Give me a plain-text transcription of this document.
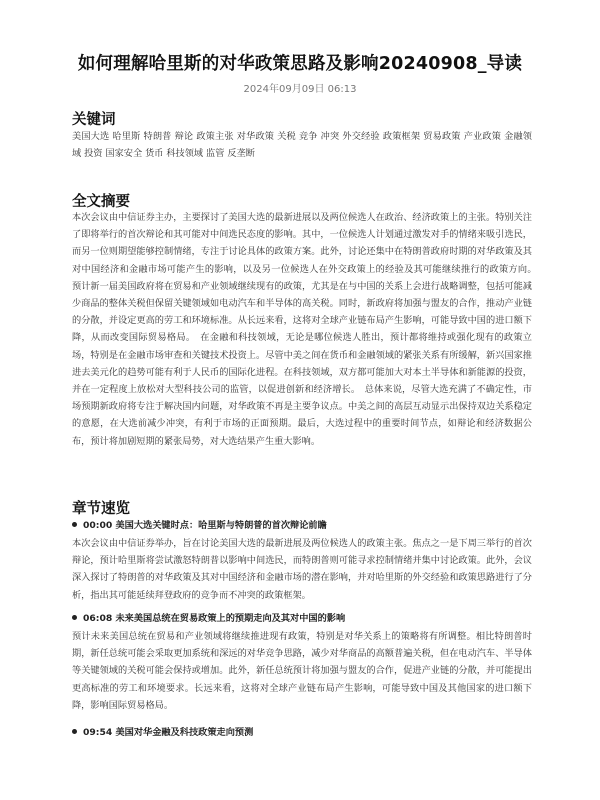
如何理解哈里斯的对华政策思路及影响20240908_导读
2024年09月09日 06:13
关键词
美国大选 哈里斯 特朗普 辩论 政策主张 对华政策 关税 竞争 冲突 外交经验 政策框架 贸易政策 产业政策 金融领域 投资 国家安全 货币 科技领域 监管 反垄断
全文摘要
本次会议由中信证券主办，主要探讨了美国大选的最新进展以及两位候选人在政治、经济政策上的主张。特别关注了即将举行的首次辩论和其可能对中间选民态度的影响。其中，一位候选人计划通过激发对手的情绪来吸引选民，而另一位则期望能够控制情绪，专注于讨论具体的政策方案。此外，讨论还集中在特朗普政府时期的对华政策及其对中国经济和金融市场可能产生的影响，以及另一位候选人在外交政策上的经验及其可能继续推行的政策方向。　预计新一届美国政府将在贸易和产业领域继续现有的政策，尤其是在与中国的关系上会进行战略调整，包括可能减少商品的整体关税但保留关键领域如电动汽车和半导体的高关税。同时，新政府将加强与盟友的合作，推动产业链的分散，并设定更高的劳工和环境标准。从长远来看，这将对全球产业链布局产生影响，可能导致中国的进口额下降，从而改变国际贸易格局。　在金融和科技领域，无论是哪位候选人胜出，预计都将维持或强化现有的政策立场，特别是在金融市场审查和关键技术投资上。尽管中美之间在货币和金融领域的紧张关系有所缓解，新兴国家推进去美元化的趋势可能有利于人民币的国际化进程。在科技领域，双方都可能加大对本土半导体和新能源的投资，并在一定程度上放松对大型科技公司的监管，以促进创新和经济增长。　总体来说，尽管大选充满了不确定性，市场预期新政府将专注于解决国内问题，对华政策不再是主要争议点。中美之间的高层互动显示出保持双边关系稳定的意愿，在大选前减少冲突，有利于市场的正面预期。最后，大选过程中的重要时间节点，如辩论和经济数据公布，预计将加剧短期的紧张局势，对大选结果产生重大影响。
章节速览
00:00 美国大选关键时点：哈里斯与特朗普的首次辩论前瞻
本次会议由中信证券举办，旨在讨论美国大选的最新进展及两位候选人的政策主张。焦点之一是下周三举行的首次辩论，预计哈里斯将尝试激怒特朗普以影响中间选民，而特朗普则可能寻求控制情绪并集中讨论政策。此外，会议深入探讨了特朗普的对华政策及其对中国经济和金融市场的潜在影响，并对哈里斯的外交经验和政策思路进行了分析，指出其可能延续拜登政府的竞争而不冲突的政策框架。
06:08 未来美国总统在贸易政策上的预期走向及其对中国的影响
预计未来美国总统在贸易和产业领域将继续推进现有政策，特别是对华关系上的策略将有所调整。相比特朗普时期，新任总统可能会采取更加系统和深远的对华竞争思路，减少对华商品的高额普遍关税，但在电动汽车、半导体等关键领域的关税可能会保持或增加。此外，新任总统预计将加强与盟友的合作，促进产业链的分散，并可能提出更高标准的劳工和环境要求。长远来看，这将对全球产业链布局产生影响，可能导致中国及其他国家的进口额下降，影响国际贸易格局。
09:54 美国对华金融及科技政策走向预测
